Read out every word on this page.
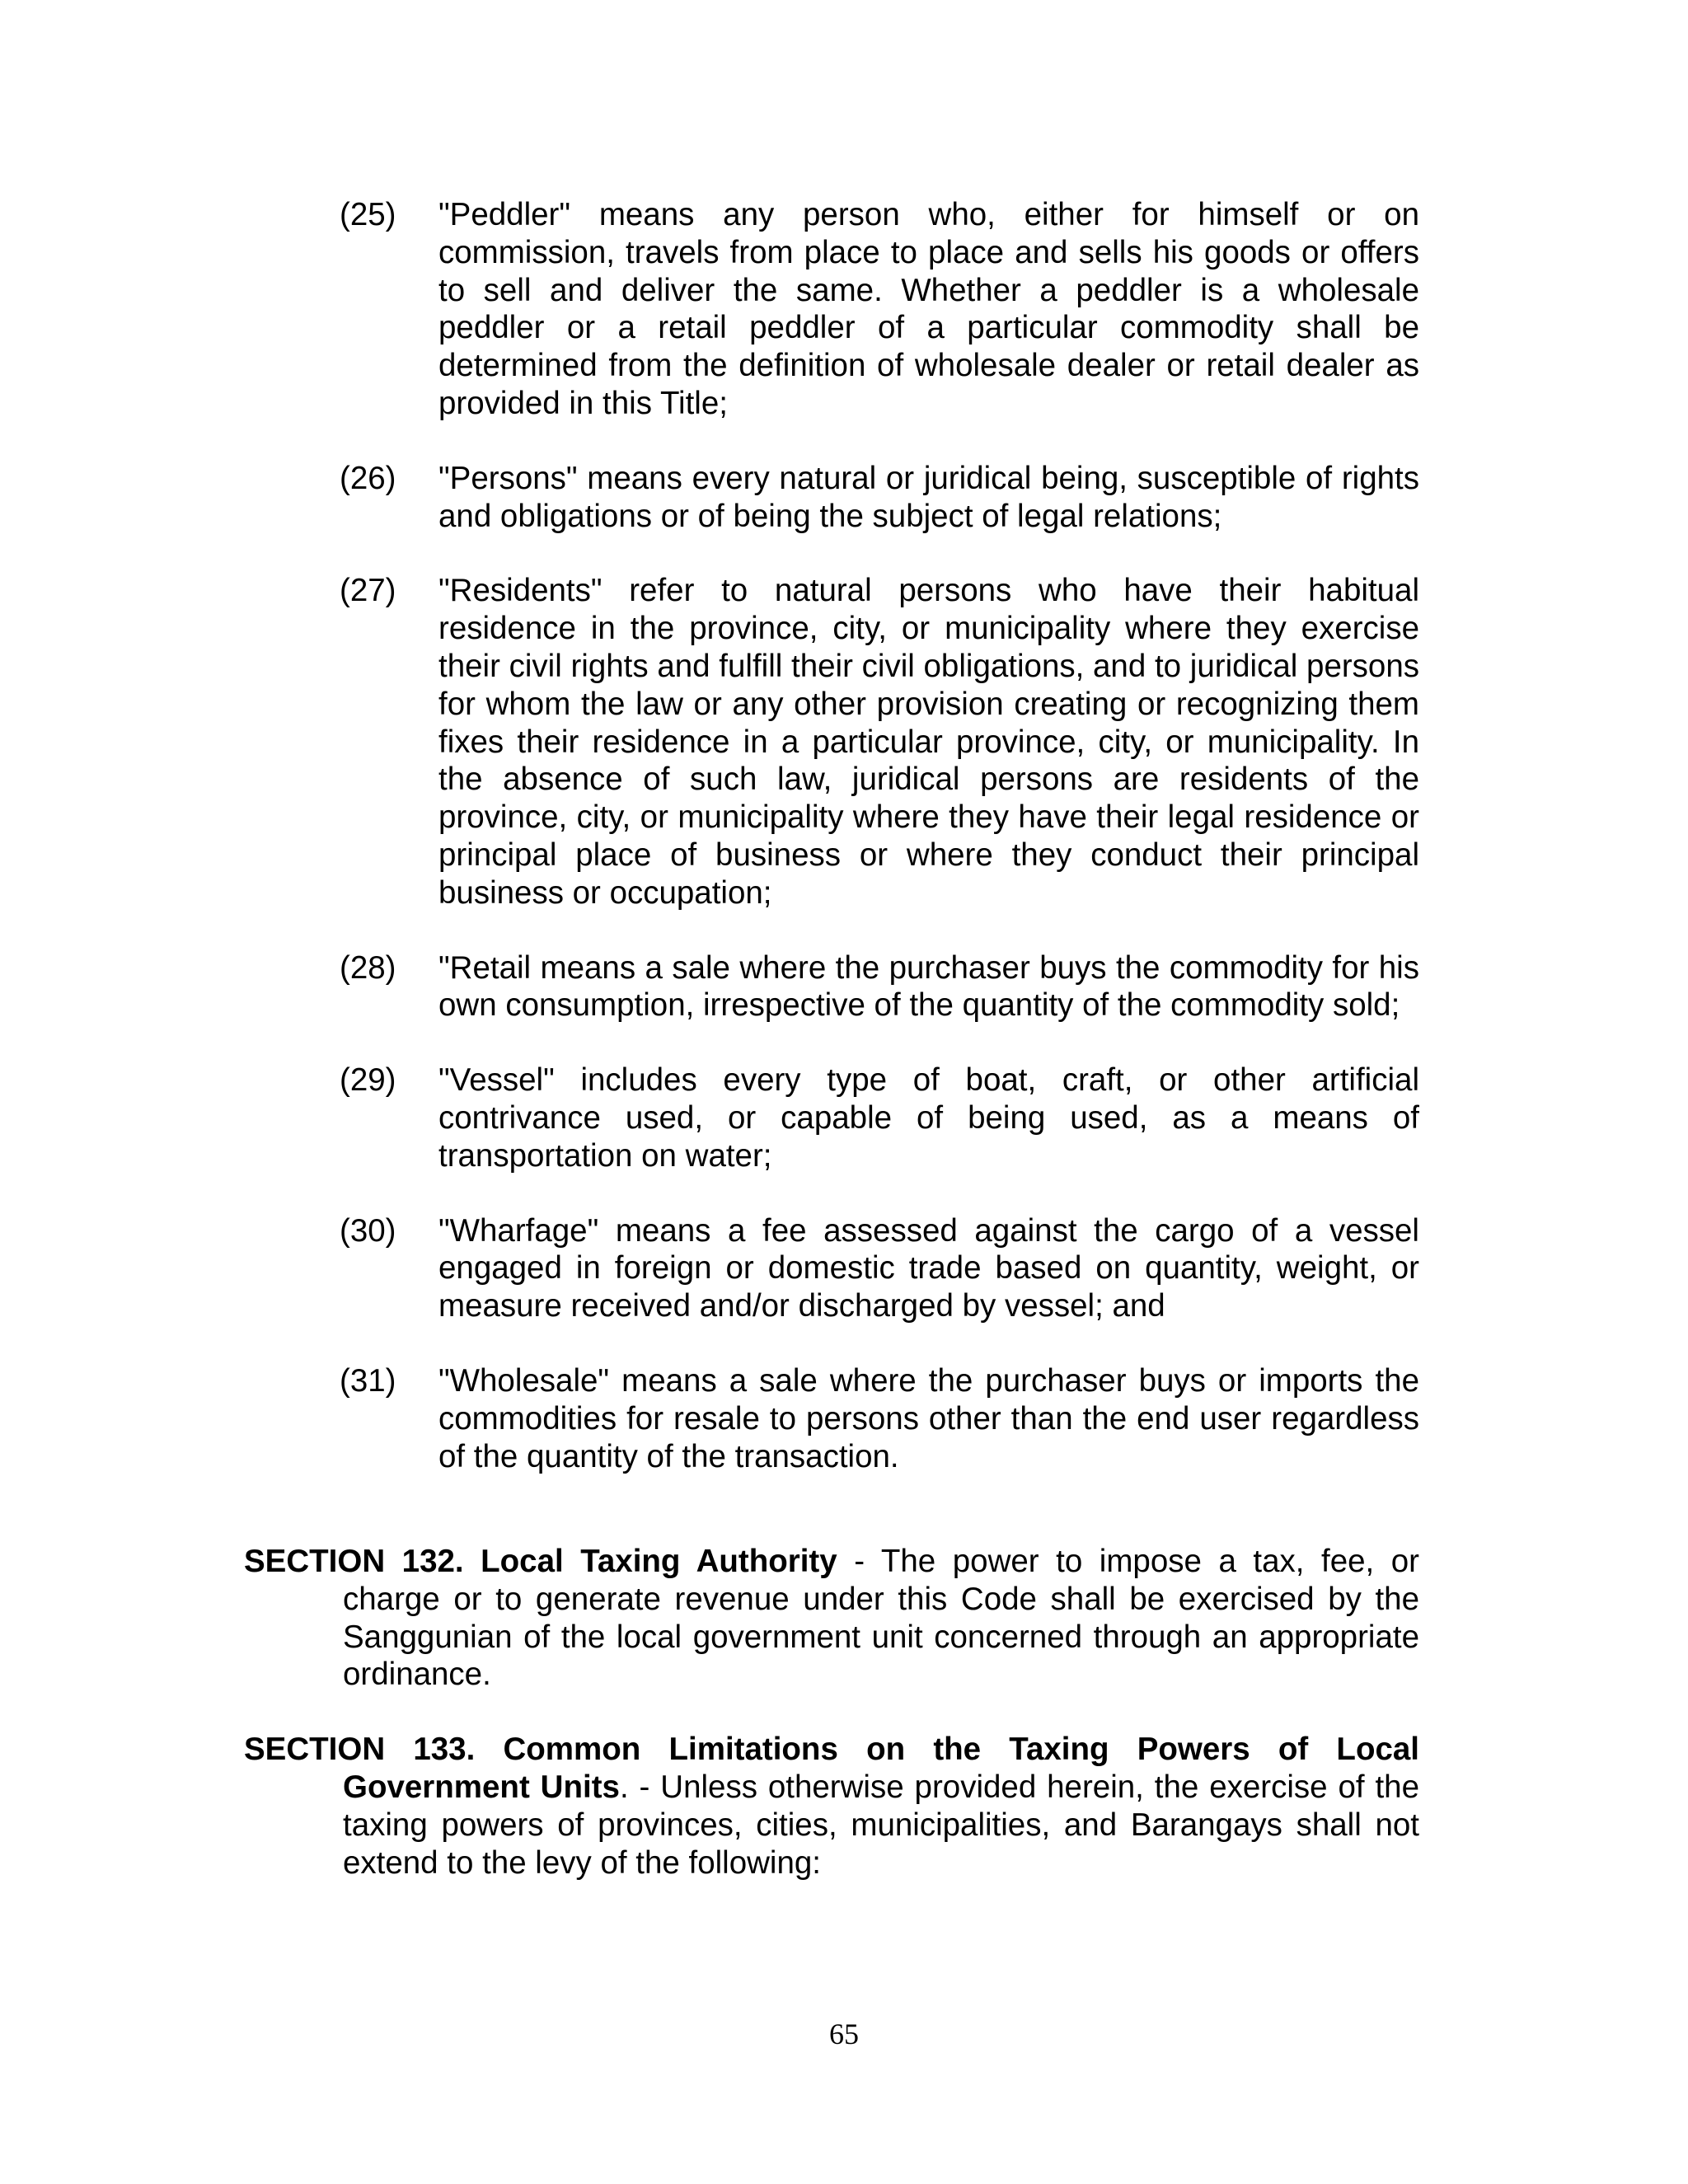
(25)	"Peddler" means any person who, either for himself or on commission, travels from place to place and sells his goods or offers to sell and deliver the same. Whether a peddler is a wholesale peddler or a retail peddler of a particular commodity shall be determined from the definition of wholesale dealer or retail dealer as provided in this Title;
(26)	"Persons" means every natural or juridical being, susceptible of rights and obligations or of being the subject of legal relations;
(27)	"Residents" refer to natural persons who have their habitual residence in the province, city, or municipality where they exercise their civil rights and fulfill their civil obligations, and to juridical persons for whom the law or any other provision creating or recognizing them fixes their residence in a particular province, city, or municipality. In the absence of such law, juridical persons are residents of the province, city, or municipality where they have their legal residence or principal place of business or where they conduct their principal business or occupation;
(28)	"Retail means a sale where the purchaser buys the commodity for his own consumption, irrespective of the quantity of the commodity sold;
(29)	"Vessel" includes every type of boat, craft, or other artificial contrivance used, or capable of being used, as a means of transportation on water;
(30)	"Wharfage" means a fee assessed against the cargo of a vessel engaged in foreign or domestic trade based on quantity, weight, or measure received and/or discharged by vessel; and
(31)	"Wholesale" means a sale where the purchaser buys or imports the commodities for resale to persons other than the end user regardless of the quantity of the transaction.

SECTION 132. Local Taxing Authority - The power to impose a tax, fee, or charge or to generate revenue under this Code shall be exercised by the Sanggunian of the local government unit concerned through an appropriate ordinance.

SECTION 133. Common Limitations on the Taxing Powers of Local Government Units. - Unless otherwise provided herein, the exercise of the taxing powers of provinces, cities, municipalities, and Barangays shall not extend to the levy of the following:

65
